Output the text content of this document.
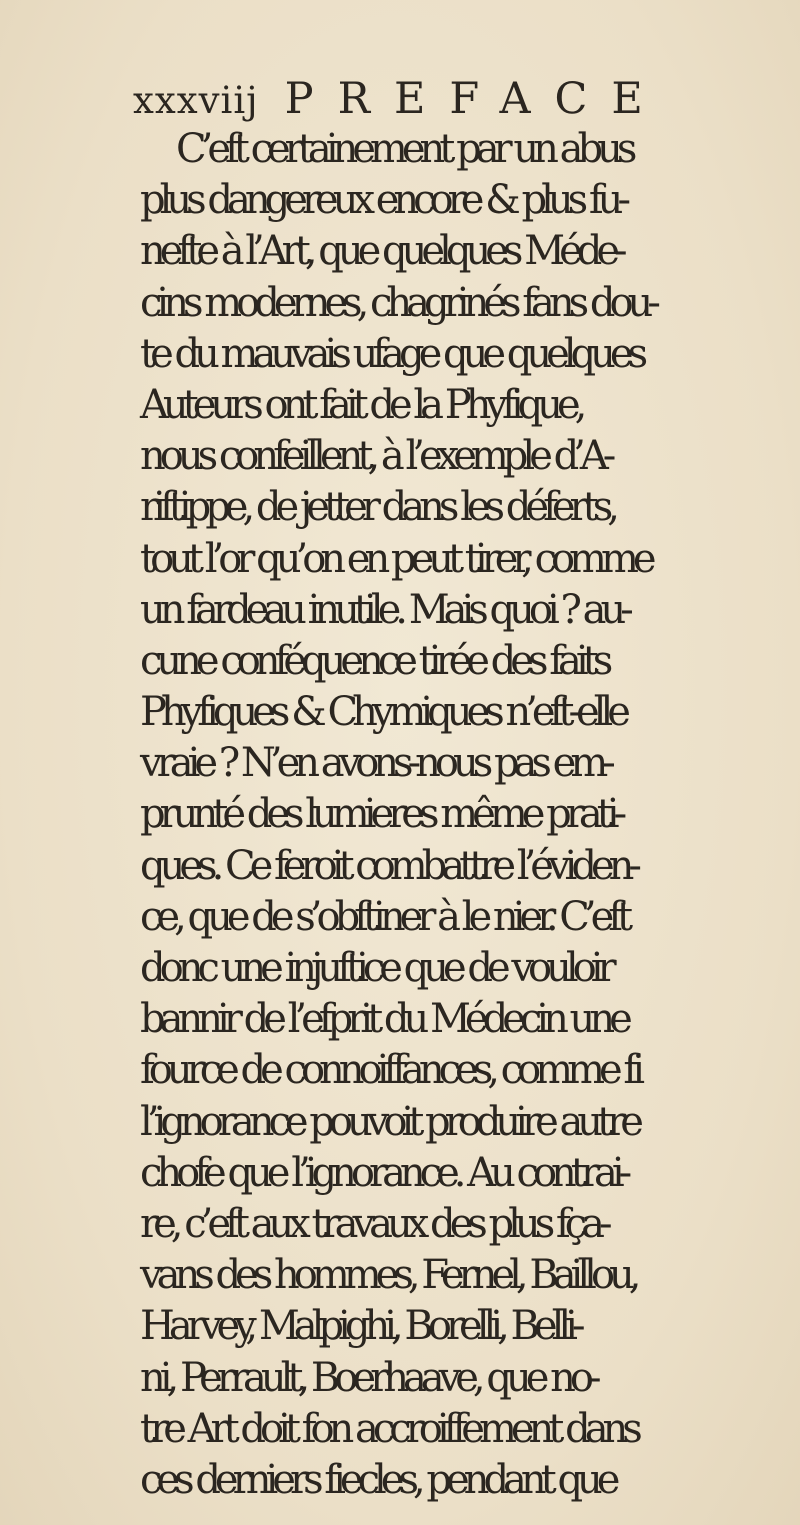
xxxviij PREFACE
C’eft certainement par un abus
plus dangereux encore & plus fu-
nefte à l’Art, que quelques Méde-
cins modernes, chagrinés fans dou-
te du mauvais ufage que quelques
Auteurs ont fait de la Phyfique,
nous confeillent, à l’exemple d’A-
riftippe, de jetter dans les déferts,
tout l’or qu’on en peut tirer, comme
un fardeau inutile. Mais quoi ? au-
cune conféquence tirée des faits
Phyfiques & Chymiques n’eft-elle
vraie ? N’en avons-nous pas em-
prunté des lumieres même prati-
ques. Ce feroit combattre l’éviden-
ce, que de s’obftiner à le nier. C’eft
donc une injuftice que de vouloir
bannir de l’efprit du Médecin une
fource de connoiffances, comme fi
l’ignorance pouvoit produire autre
chofe que l’ignorance. Au contrai-
re, c’eft aux travaux des plus fça-
vans des hommes, Fernel, Baillou,
Harvey, Malpighi, Borelli, Belli-
ni, Perrault, Boerhaave, que no-
tre Art doit fon accroiffement dans
ces derniers fiecles, pendant que
